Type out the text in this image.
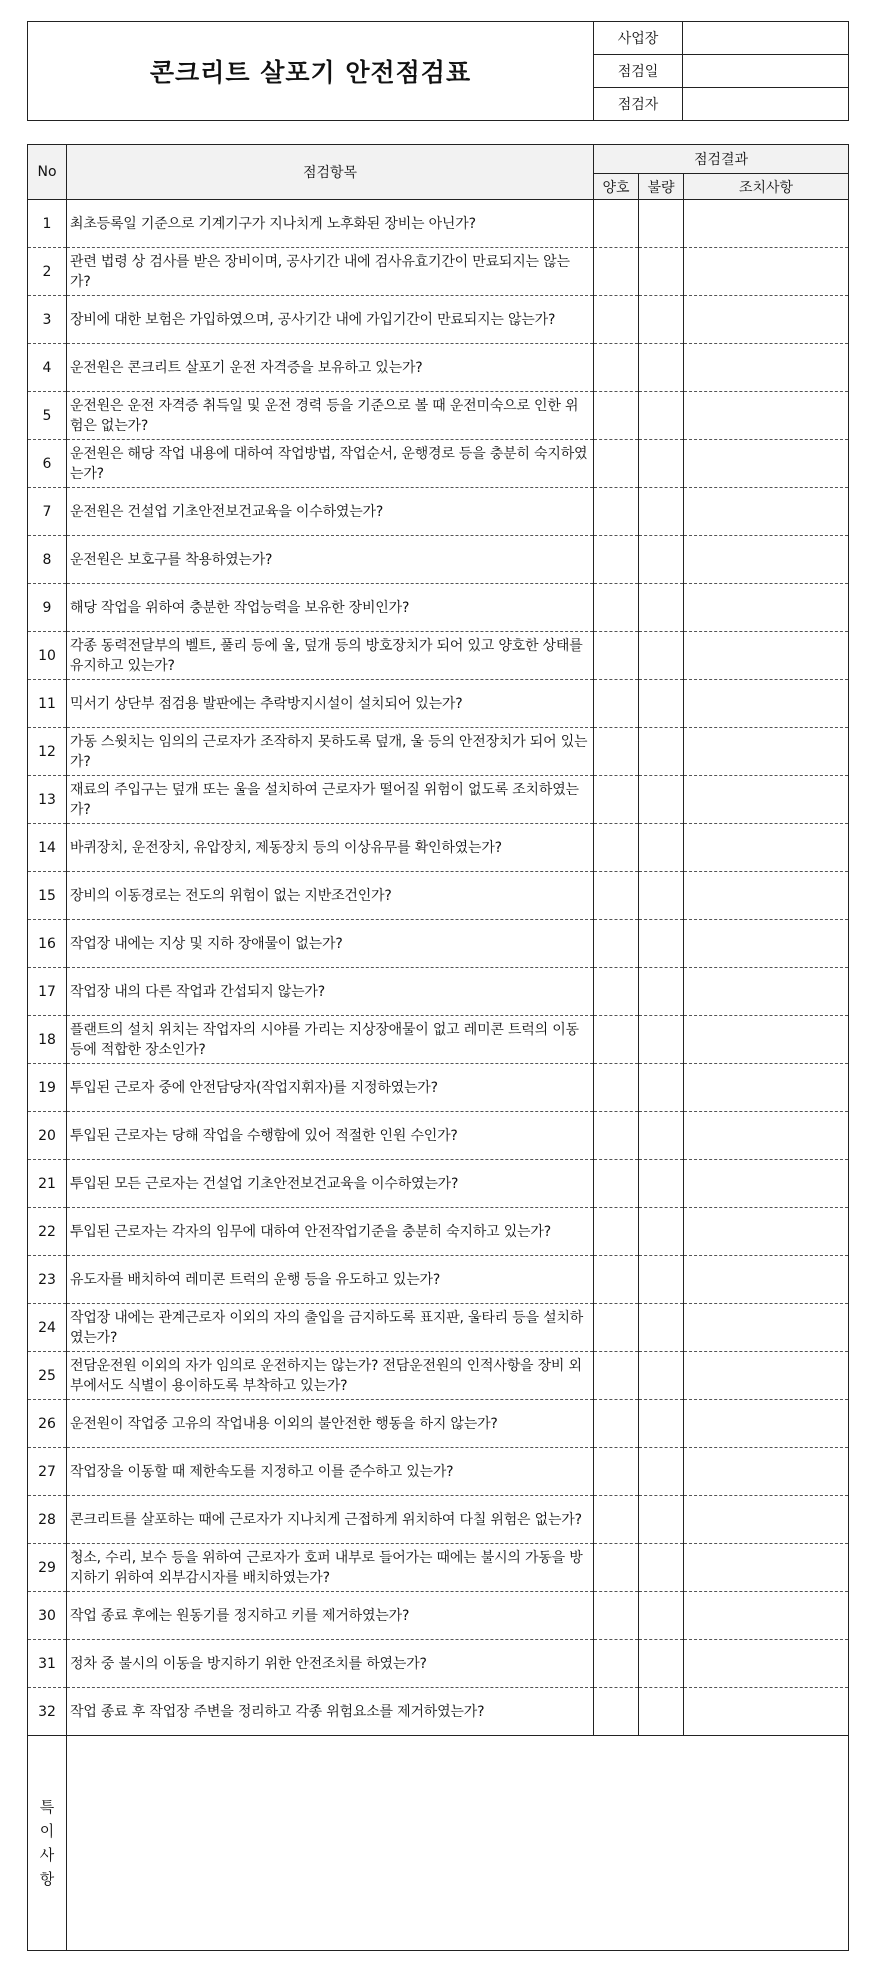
콘크리트 살포기 안전점검표	사업장	
	점검일	
	점검자	
No	점검항목	점검결과		
		양호	불량	조치사항
1	최초등록일 기준으로 기계기구가 지나치게 노후화된 장비는 아닌가?			
2	관련 법령 상 검사를 받은 장비이며, 공사기간 내에 검사유효기간이 만료되지는 않는가?			
3	장비에 대한 보험은 가입하였으며, 공사기간 내에 가입기간이 만료되지는 않는가?			
4	운전원은 콘크리트 살포기 운전 자격증을 보유하고 있는가?			
5	운전원은 운전 자격증 취득일 및 운전 경력 등을 기준으로 볼 때 운전미숙으로 인한 위험은 없는가?			
6	운전원은 해당 작업 내용에 대하여 작업방법, 작업순서, 운행경로 등을 충분히 숙지하였는가?			
7	운전원은 건설업 기초안전보건교육을 이수하였는가?			
8	운전원은 보호구를 착용하였는가?			
9	해당 작업을 위하여 충분한 작업능력을 보유한 장비인가?			
10	각종 동력전달부의 벨트, 풀리 등에 울, 덮개 등의 방호장치가 되어 있고 양호한 상태를 유지하고 있는가?			
11	믹서기 상단부 점검용 발판에는 추락방지시설이 설치되어 있는가?			
12	가동 스윗치는 임의의 근로자가 조작하지 못하도록 덮개, 울 등의 안전장치가 되어 있는가?			
13	재료의 주입구는 덮개 또는 울을 설치하여 근로자가 떨어질 위험이 없도록 조치하였는가?			
14	바퀴장치, 운전장치, 유압장치, 제동장치 등의 이상유무를 확인하였는가?			
15	장비의 이동경로는 전도의 위험이 없는 지반조건인가?			
16	작업장 내에는 지상 및 지하 장애물이 없는가?			
17	작업장 내의 다른 작업과 간섭되지 않는가?			
18	플랜트의 설치 위치는 작업자의 시야를 가리는 지상장애물이 없고 레미콘 트럭의 이동 등에 적합한 장소인가?			
19	투입된 근로자 중에 안전담당자(작업지휘자)를 지정하였는가?			
20	투입된 근로자는 당해 작업을 수행함에 있어 적절한 인원 수인가?			
21	투입된 모든 근로자는 건설업 기초안전보건교육을 이수하였는가?			
22	투입된 근로자는 각자의 임무에 대하여 안전작업기준을 충분히 숙지하고 있는가?			
23	유도자를 배치하여 레미콘 트럭의 운행 등을 유도하고 있는가?			
24	작업장 내에는 관계근로자 이외의 자의 출입을 금지하도록 표지판, 울타리 등을 설치하였는가?			
25	전담운전원 이외의 자가 임의로 운전하지는 않는가? 전담운전원의 인적사항을 장비 외부에서도 식별이 용이하도록 부착하고 있는가?			
26	운전원이 작업중 고유의 작업내용 이외의 불안전한 행동을 하지 않는가?			
27	작업장을 이동할 때 제한속도를 지정하고 이를 준수하고 있는가?			
28	콘크리트를 살포하는 때에 근로자가 지나치게 근접하게 위치하여 다칠 위험은 없는가?			
29	청소, 수리, 보수 등을 위하여 근로자가 호퍼 내부로 들어가는 때에는 불시의 가동을 방지하기 위하여 외부감시자를 배치하였는가?			
30	작업 종료 후에는 원동기를 정지하고 키를 제거하였는가?			
31	정차 중 불시의 이동을 방지하기 위한 안전조치를 하였는가?			
32	작업 종료 후 작업장 주변을 정리하고 각종 위험요소를 제거하였는가?			

특
이
사
항				
